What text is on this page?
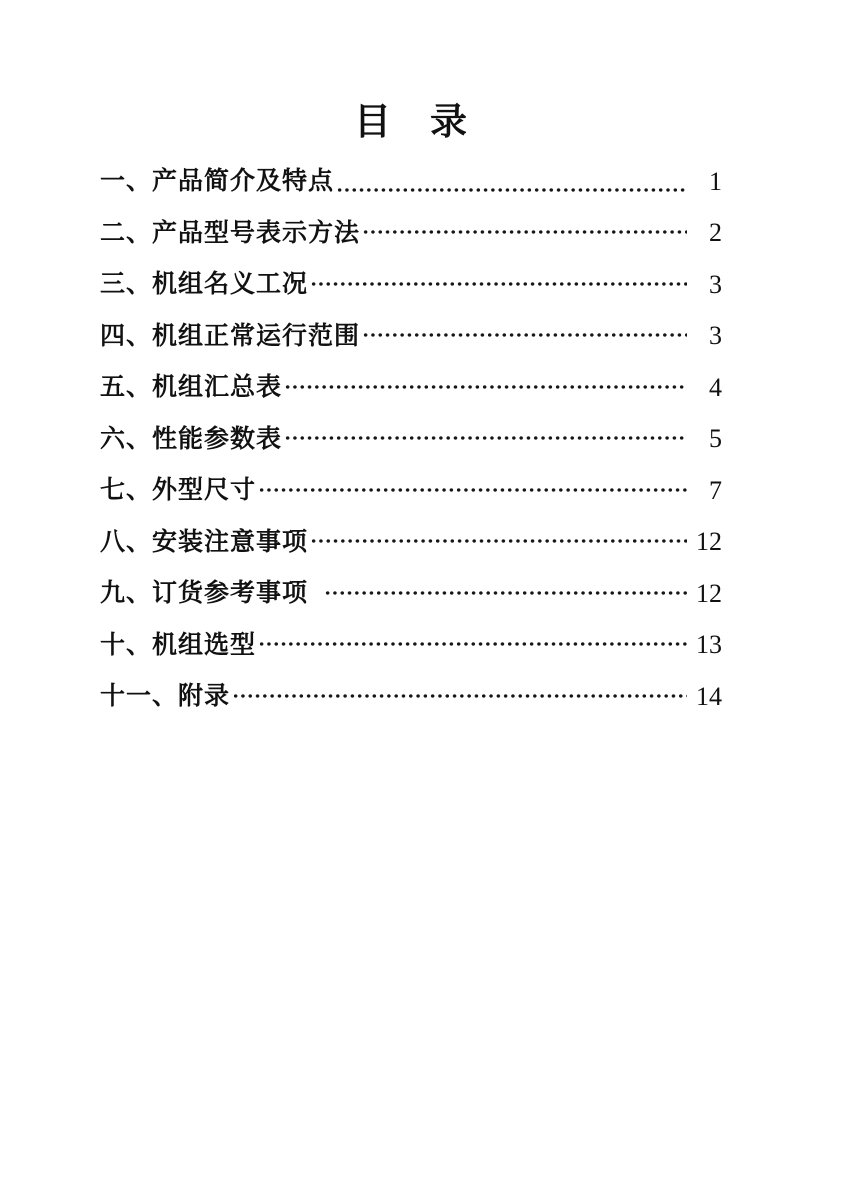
目　录
一、产品简介及特点	1
二、产品型号表示方法	2
三、机组名义工况	3
四、机组正常运行范围	3
五、机组汇总表	4
六、性能参数表	5
七、外型尺寸	7
八、安装注意事项	12
九、订货参考事项	12
十、机组选型	13
十一、附录	14
